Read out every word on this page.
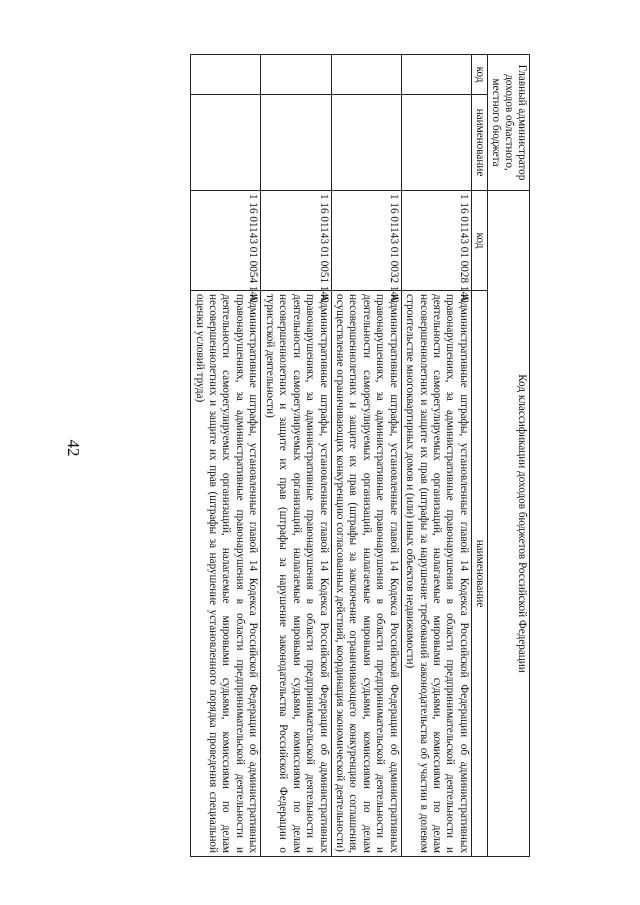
42
Главный администратор доходов областного, местного бюджета		Код классификации доходов бюджетов Российской Федерации	
код	наименование	код	наименование
		1 16 01143 01 0028 140	Административные штрафы, установленные главой 14 Кодекса Российской Федерации об административных правонарушениях, за административные правонарушения в области предпринимательской деятельности и деятельности саморегулируемых организаций, налагаемые мировыми судьями, комиссиями по делам несовершеннолетних и защите их прав (штрафы за нарушение требований законодательства об участии в долевом строительстве многоквартирных домов и (или) иных объектов недвижимости)
		1 16 01143 01 0032 140	Административные штрафы, установленные главой 14 Кодекса Российской Федерации об административных правонарушениях, за административные правонарушения в области предпринимательской деятельности и деятельности саморегулируемых организаций, налагаемые мировыми судьями, комиссиями по делам несовершеннолетних и защите их прав (штрафы за заключение ограничивающего конкуренцию соглашения, осуществление ограничивающих конкуренцию согласованных действий, координация экономической деятельности)
		1 16 01143 01 0051 140	Административные штрафы, установленные главой 14 Кодекса Российской Федерации об административных правонарушениях, за административные правонарушения в области предпринимательской деятельности и деятельности саморегулируемых организаций, налагаемые мировыми судьями, комиссиями по делам несовершеннолетних и защите их прав (штрафы за нарушение законодательства Российской Федерации о туристской деятельности)
		1 16 01143 01 0054 140	Административные штрафы, установленные главой 14 Кодекса Российской Федерации об административных правонарушениях, за административные правонарушения в области предпринимательской деятельности и деятельности саморегулируемых организаций, налагаемые мировыми судьями, комиссиями по делам несовершеннолетних и защите их прав (штрафы за нарушение установленного порядка проведения специальной оценки условий труда)
